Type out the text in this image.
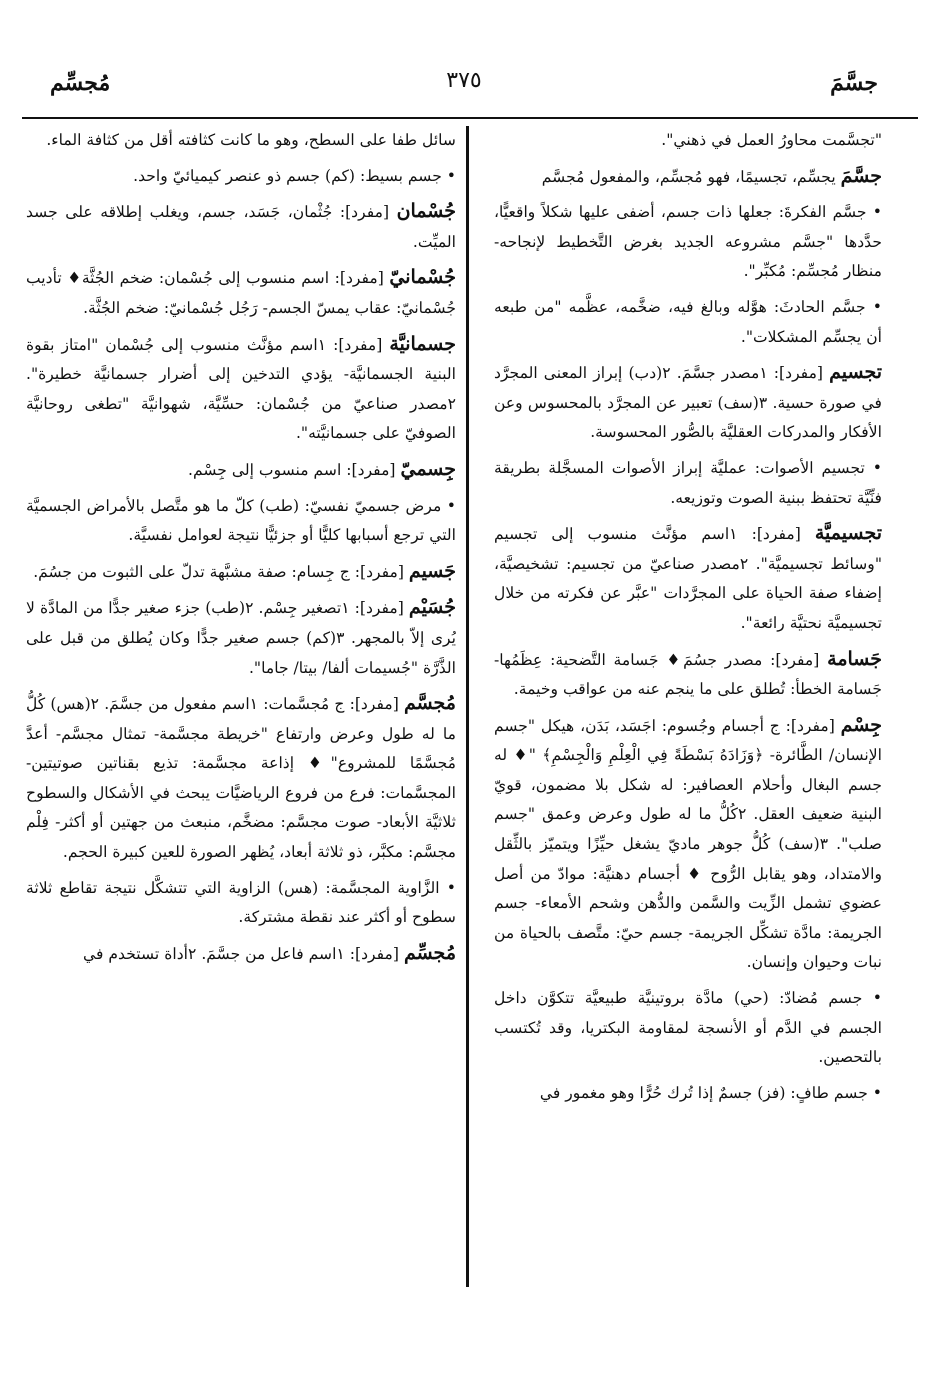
جسَّمَ
٣٧٥
مُجسِّم

"تجسَّمت محاورُ العمل في ذهني".

جسَّمَ يجسِّم، تجسيمًا، فهو مُجسِّم، والمفعول مُجسَّم

• جسَّم الفكرةَ: جعلها ذات جسم، أضفى عليها شكلاً واقعيًّا، حدَّدها "جسَّم مشروعه الجديد بغرض التَّخطيط لإنجاحه- منظار مُجسِّم: مُكبِّر".

• جسَّم الحادثَ: هوَّله وبالغ فيه، ضخَّمه، عظَّمه "من طبعه أن يجسِّم المشكلات".

تجسيم [مفرد]: ١مصدر جسَّمَ. ٢(دب) إبراز المعنى المجرَّد في صورة حسية. ٣(سف) تعبير عن المجرَّد بالمحسوس وعن الأفكار والمدركات العقليَّة بالصُّور المحسوسة.

• تجسيم الأصوات: عمليَّة إبراز الأصوات المسجَّلة بطريقة فنِّيَّة تحتفظ ببنية الصوت وتوزيعه.

تجسيميَّة [مفرد]: ١اسم مؤنَّث منسوب إلى تجسيم "وسائط تجسيميَّة". ٢مصدر صناعيّ من تجسيم: تشخيصيَّة، إضفاء صفة الحياة على المجرَّدات "عبَّر عن فكرته من خلال تجسيميَّة نحتيَّة رائعة".

جَسامة [مفرد]: مصدر جسُمَ♦ جَسامة التَّضحية: عِظَمُها- جَسامة الخطأ: تُطلق على ما ينجم عنه من عواقب وخيمة.

جِسْم [مفرد]: ج أجسام وجُسوم: اجَسَد، بَدَن، هيكل "جسم الإنسان/ الطَّائرة- ﴿وَزَادَهُ بَسْطَةً فِي الْعِلْمِ وَالْجِسْمِ﴾ "♦ له جسم البغال وأحلام العصافير: له شكل بلا مضمون، قويّ البنية ضعيف العقل. ٢كُلُّ ما له طول وعرض وعمق "جسم صلب". ٣(سف) كُلُّ جوهر ماديّ يشغل حيِّزًا ويتميّز بالثِّقل والامتداد، وهو يقابل الرُّوح ♦ أجسام دهنيَّة: موادّ من أصل عضوي تشمل الزِّيت والسَّمن والدُّهن وشحم الأمعاء- جسم الجريمة: مادَّة تشكِّل الجريمة- جسم حيّ: متَّصف بالحياة من نبات وحيوان وإنسان.

• جسم مُضادّ: (حي) مادَّة بروتينيَّة طبيعيَّة تتكوَّن داخل الجسم في الدَّم أو الأنسجة لمقاومة البكتريا، وقد تُكتسب بالتحصين.

• جسم طافٍ: (فز) جسمٌ إذا تُرك حُرًّا وهو مغمور في

سائل طفا على السطح، وهو ما كانت كثافته أقل من كثافة الماء.

• جسم بسيط: (كم) جسم ذو عنصر كيميائيّ واحد.

جُسْمان [مفرد]: جُثْمان، جَسَد، جسم، ويغلب إطلاقه على جسد الميِّت.

جُسْمانيّ [مفرد]: اسم منسوب إلى جُسْمان: ضخم الجُثَّة♦ تأديب جُسْمانيّ: عقاب يمسّ الجسم- رَجُل جُسْمانيّ: ضخم الجُثَّة.

جسمانيَّة [مفرد]: ١اسم مؤنَّث منسوب إلى جُسْمان "امتاز بقوة البنية الجسمانيَّة- يؤدي التدخين إلى أضرار جسمانيَّة خطيرة". ٢مصدر صناعيّ من جُسْمان: حسِّيَّة، شهوانيَّة "تطغى روحانيَّة الصوفيّ على جسمانيَّته".

جِسميّ [مفرد]: اسم منسوب إلى جِسْم.

• مرض جسميّ نفسيّ: (طب) كلّ ما هو متَّصل بالأمراض الجسميَّة التي ترجع أسبابها كليًّا أو جزئيًّا نتيجة لعوامل نفسيَّة.

جَسيم [مفرد]: ج جِسام: صفة مشبَّهة تدلّ على الثبوت من جسُمَ.

جُسَيْم [مفرد]: ١تصغير جِسْم. ٢(طب) جزء صغير جدًّا من المادَّة لا يُرى إلاّ بالمجهر. ٣(كم) جسم صغير جدًّا وكان يُطلق من قبل على الذَّرَّة "جُسيمات ألفا/ بيتا/ جاما".

مُجسَّم [مفرد]: ج مُجسَّمات: ١اسم مفعول من جسَّمَ. ٢(هس) كُلُّ ما له طول وعرض وارتفاع "خريطة مجسَّمة- تمثال مجسَّم- أعدَّ مُجسَّمًا للمشروع"♦ إذاعة مجسَّمة: تذيع بقناتين صوتيتين- المجسَّمات: فرع من فروع الرياضيَّات يبحث في الأشكال والسطوح ثلاثيَّة الأبعاد- صوت مجسَّم: مضخَّم، منبعث من جهتين أو أكثر- فِلْم مجسَّم: مكبَّر، ذو ثلاثة أبعاد، يُظهر الصورة للعين كبيرة الحجم.

• الزَّاوية المجسَّمة: (هس) الزاوية التي تتشكَّل نتيجة تقاطع ثلاثة سطوح أو أكثر عند نقطة مشتركة.

مُجسِّم [مفرد]: ١اسم فاعل من جسَّمَ. ٢أداة تستخدم في
